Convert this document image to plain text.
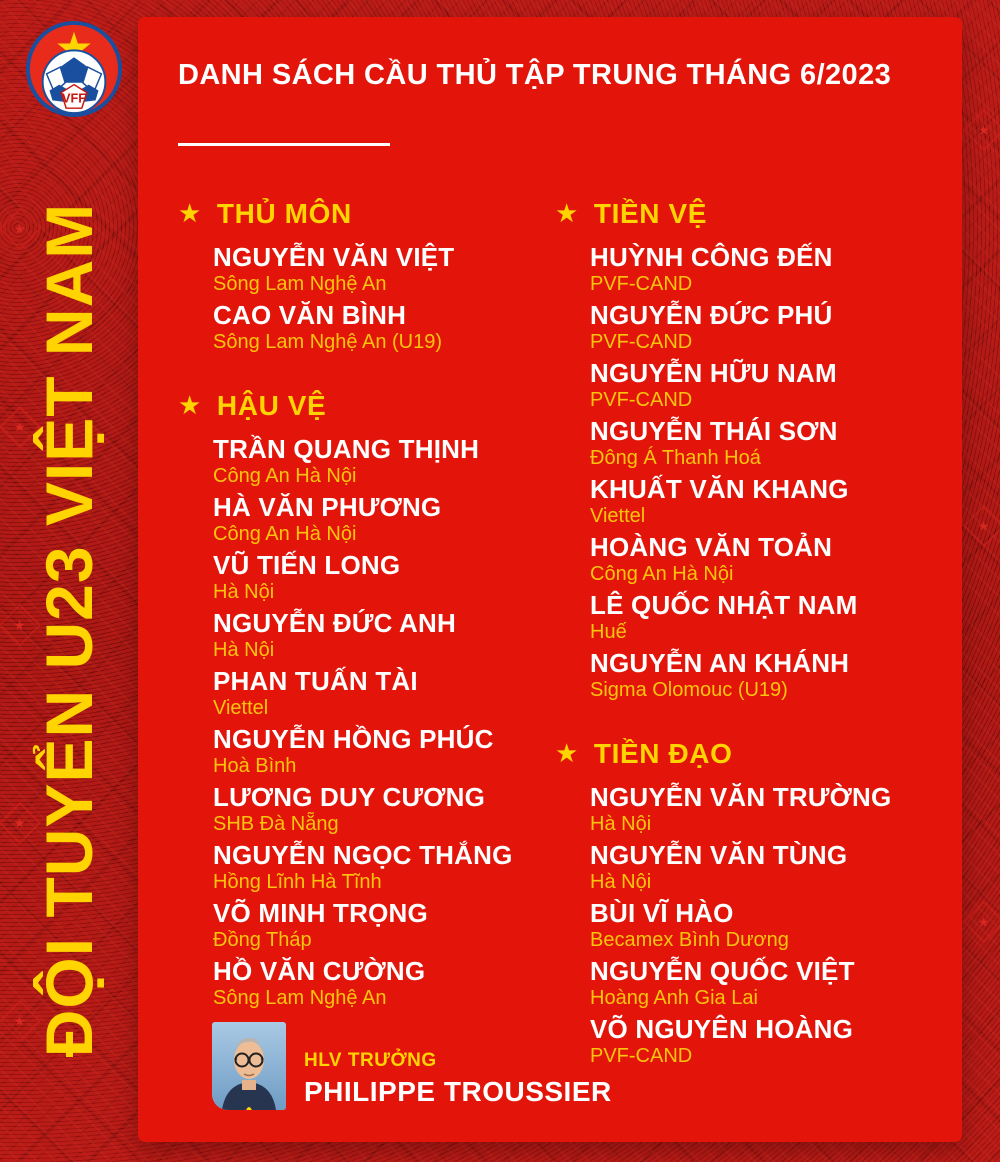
★
★
★
★
★
★
★
★
VFF
ĐỘI TUYỂN U23 VIỆT NAM
DANH SÁCH CẦU THỦ TẬP TRUNG THÁNG 6/2023
★ THỦ MÔN
NGUYỄN VĂN VIỆT
Sông Lam Nghệ An
CAO VĂN BÌNH
Sông Lam Nghệ An (U19)
★ HẬU VỆ
TRẦN QUANG THỊNH
Công An Hà Nội
HÀ VĂN PHƯƠNG
Công An Hà Nội
VŨ TIẾN LONG
Hà Nội
NGUYỄN ĐỨC ANH
Hà Nội
PHAN TUẤN TÀI
Viettel
NGUYỄN HỒNG PHÚC
Hoà Bình
LƯƠNG DUY CƯƠNG
SHB Đà Nẵng
NGUYỄN NGỌC THẮNG
Hồng Lĩnh Hà Tĩnh
VÕ MINH TRỌNG
Đồng Tháp
HỒ VĂN CƯỜNG
Sông Lam Nghệ An
★ TIỀN VỆ
HUỲNH CÔNG ĐẾN
PVF-CAND
NGUYỄN ĐỨC PHÚ
PVF-CAND
NGUYỄN HỮU NAM
PVF-CAND
NGUYỄN THÁI SƠN
Đông Á Thanh Hoá
KHUẤT VĂN KHANG
Viettel
HOÀNG VĂN TOẢN
Công An Hà Nội
LÊ QUỐC NHẬT NAM
Huế
NGUYỄN AN KHÁNH
Sigma Olomouc (U19)
★ TIỀN ĐẠO
NGUYỄN VĂN TRƯỜNG
Hà Nội
NGUYỄN VĂN TÙNG
Hà Nội
BÙI VĨ HÀO
Becamex Bình Dương
NGUYỄN QUỐC VIỆT
Hoàng Anh Gia Lai
VÕ NGUYÊN HOÀNG
PVF-CAND
HLV TRƯỞNG
PHILIPPE TROUSSIER
